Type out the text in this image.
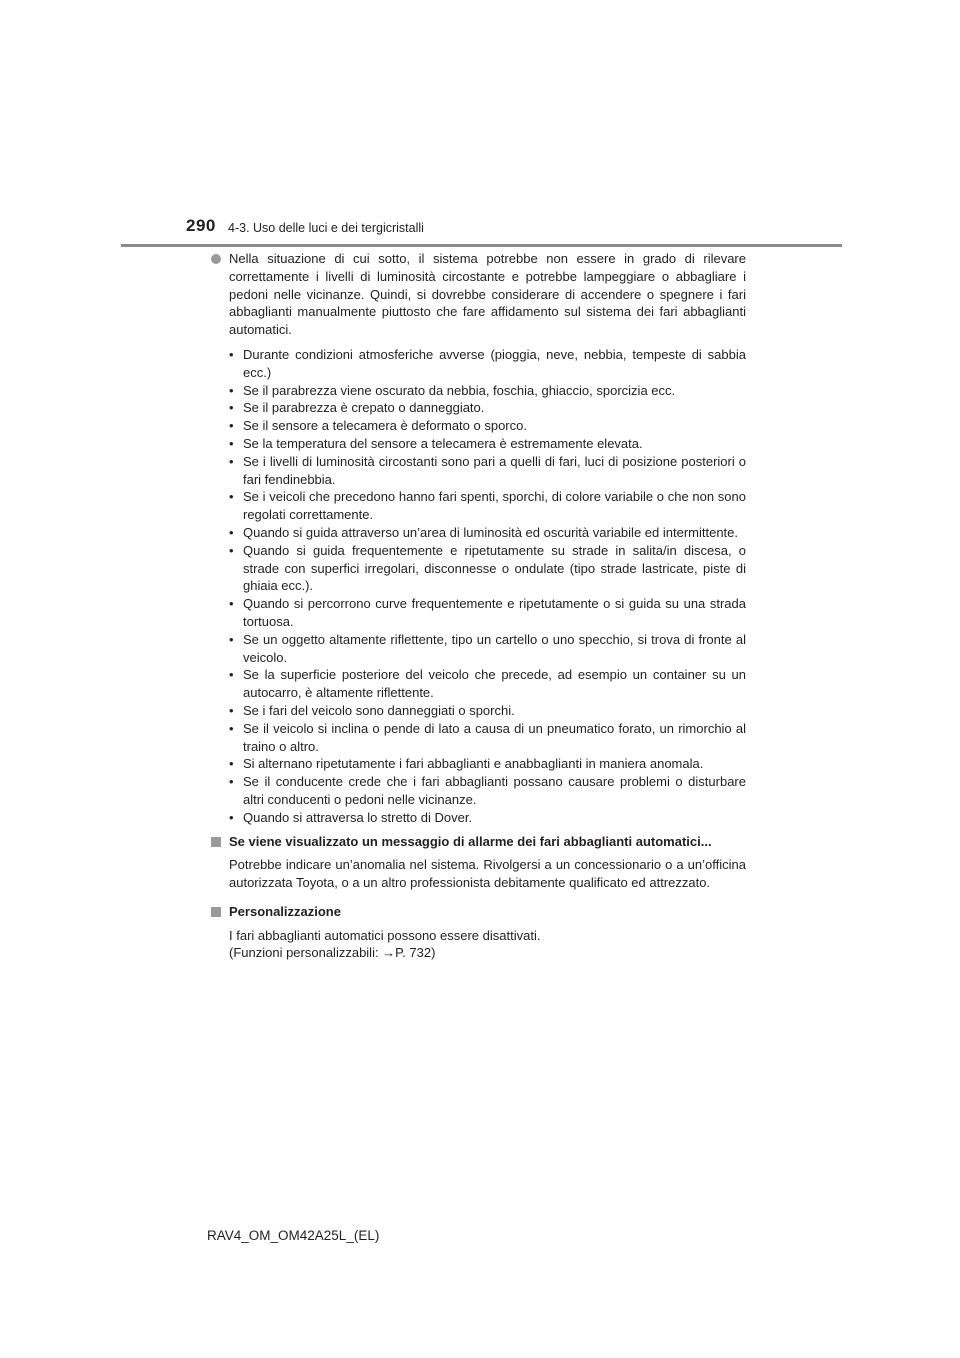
290 4-3. Uso delle luci e dei tergicristalli
Nella situazione di cui sotto, il sistema potrebbe non essere in grado di rilevare correttamente i livelli di luminosità circostante e potrebbe lampeggiare o abbagliare i pedoni nelle vicinanze. Quindi, si dovrebbe considerare di accendere o spegnere i fari abbaglianti manualmente piuttosto che fare affidamento sul sistema dei fari abbaglianti automatici.
• Durante condizioni atmosferiche avverse (pioggia, neve, nebbia, tempeste di sabbia ecc.)
• Se il parabrezza viene oscurato da nebbia, foschia, ghiaccio, sporcizia ecc.
• Se il parabrezza è crepato o danneggiato.
• Se il sensore a telecamera è deformato o sporco.
• Se la temperatura del sensore a telecamera è estremamente elevata.
• Se i livelli di luminosità circostanti sono pari a quelli di fari, luci di posizione posteriori o fari fendinebbia.
• Se i veicoli che precedono hanno fari spenti, sporchi, di colore variabile o che non sono regolati correttamente.
• Quando si guida attraverso un’area di luminosità ed oscurità variabile ed intermittente.
• Quando si guida frequentemente e ripetutamente su strade in salita/in discesa, o strade con superfici irregolari, disconnesse o ondulate (tipo strade lastricate, piste di ghiaia ecc.).
• Quando si percorrono curve frequentemente e ripetutamente o si guida su una strada tortuosa.
• Se un oggetto altamente riflettente, tipo un cartello o uno specchio, si trova di fronte al veicolo.
• Se la superficie posteriore del veicolo che precede, ad esempio un container su un autocarro, è altamente riflettente.
• Se i fari del veicolo sono danneggiati o sporchi.
• Se il veicolo si inclina o pende di lato a causa di un pneumatico forato, un rimorchio al traino o altro.
• Si alternano ripetutamente i fari abbaglianti e anabbaglianti in maniera anomala.
• Se il conducente crede che i fari abbaglianti possano causare problemi o disturbare altri conducenti o pedoni nelle vicinanze.
• Quando si attraversa lo stretto di Dover.
Se viene visualizzato un messaggio di allarme dei fari abbaglianti automatici...

Potrebbe indicare un’anomalia nel sistema. Rivolgersi a un concessionario o a un’officina autorizzata Toyota, o a un altro professionista debitamente qualificato ed attrezzato.

Personalizzazione

I fari abbaglianti automatici possono essere disattivati.

(Funzioni personalizzabili: →P. 732)

RAV4_OM_OM42A25L_(EL)
